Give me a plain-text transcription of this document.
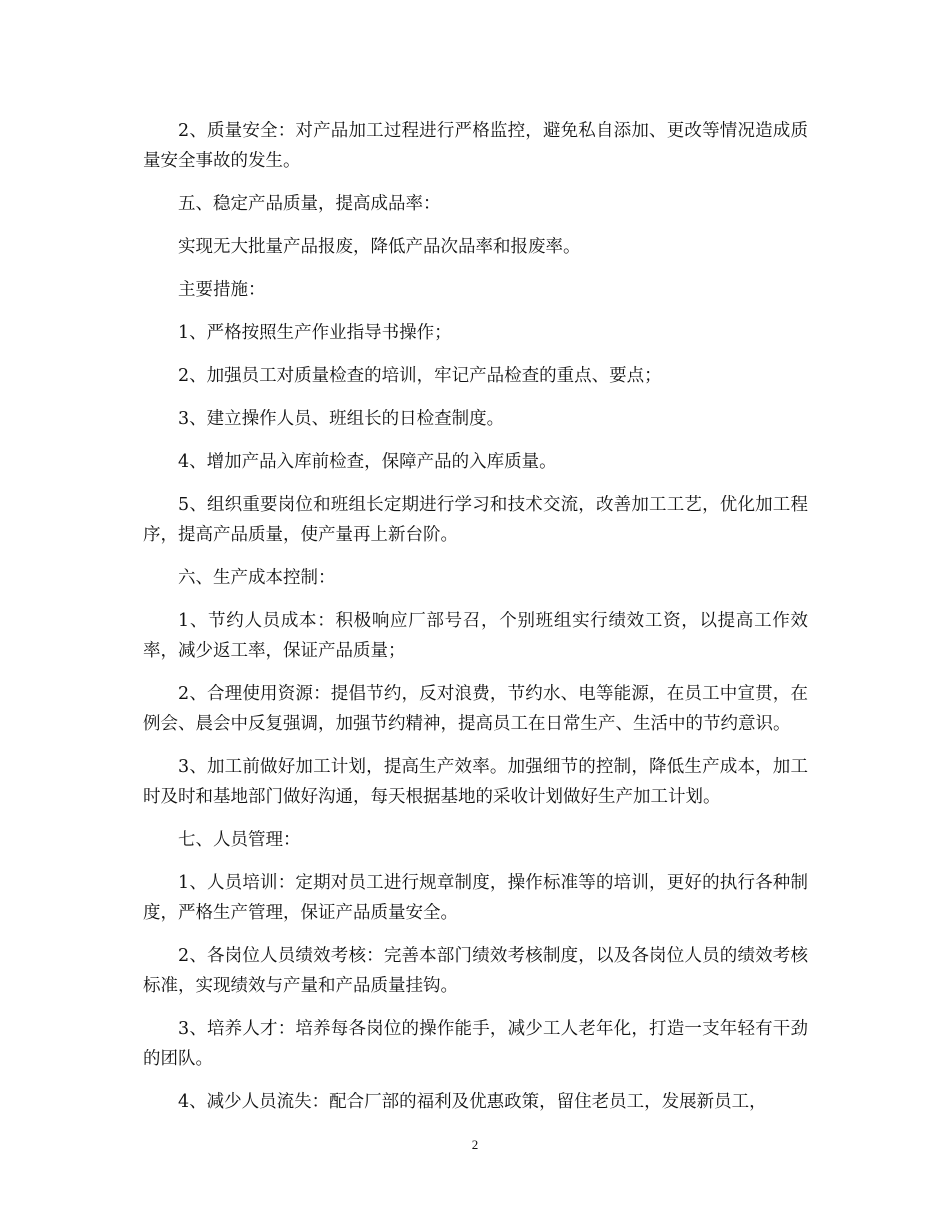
2、质量安全：对产品加工过程进行严格监控，避免私自添加、更改等情况造成质量安全事故的发生。

五、稳定产品质量，提高成品率：

实现无大批量产品报废，降低产品次品率和报废率。

主要措施：

1、严格按照生产作业指导书操作；

2、加强员工对质量检查的培训，牢记产品检查的重点、要点；

3、建立操作人员、班组长的日检查制度。

4、增加产品入库前检查，保障产品的入库质量。

5、组织重要岗位和班组长定期进行学习和技术交流，改善加工工艺，优化加工程序，提高产品质量，使产量再上新台阶。

六、生产成本控制：

1、节约人员成本：积极响应厂部号召，个别班组实行绩效工资，以提高工作效率，减少返工率，保证产品质量；

2、合理使用资源：提倡节约，反对浪费，节约水、电等能源，在员工中宣贯，在例会、晨会中反复强调，加强节约精神，提高员工在日常生产、生活中的节约意识。

3、加工前做好加工计划，提高生产效率。加强细节的控制，降低生产成本，加工时及时和基地部门做好沟通，每天根据基地的采收计划做好生产加工计划。

七、人员管理：

1、人员培训：定期对员工进行规章制度，操作标准等的培训，更好的执行各种制度，严格生产管理，保证产品质量安全。

2、各岗位人员绩效考核：完善本部门绩效考核制度，以及各岗位人员的绩效考核标准，实现绩效与产量和产品质量挂钩。

3、培养人才：培养每各岗位的操作能手，减少工人老年化，打造一支年轻有干劲的团队。

4、减少人员流失：配合厂部的福利及优惠政策，留住老员工，发展新员工，

2
